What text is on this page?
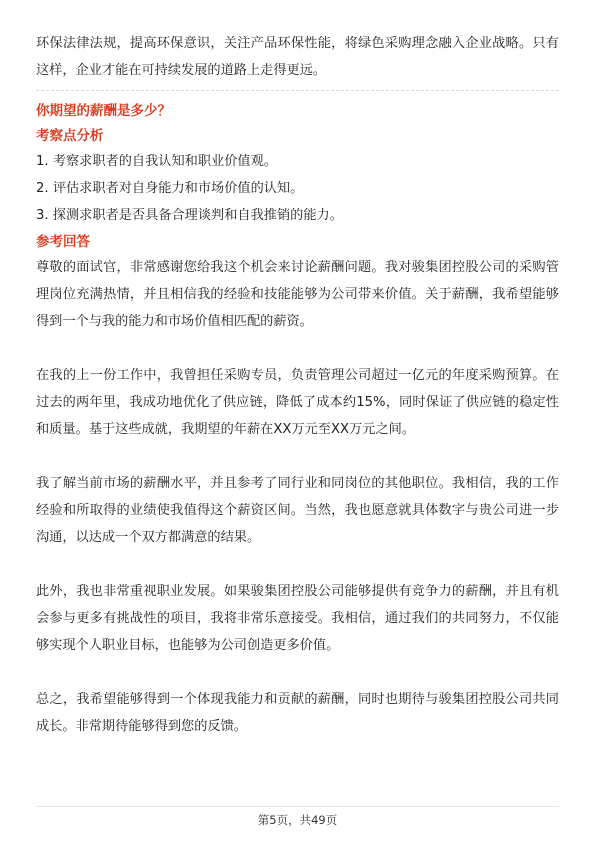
环保法律法规，提高环保意识，关注产品环保性能，将绿色采购理念融入企业战略。只有这样，企业才能在可持续发展的道路上走得更远。

你期望的薪酬是多少？

考察点分析

1. 考察求职者的自我认知和职业价值观。

2. 评估求职者对自身能力和市场价值的认知。

3. 探测求职者是否具备合理谈判和自我推销的能力。

参考回答

尊敬的面试官，非常感谢您给我这个机会来讨论薪酬问题。我对骏集团控股公司的采购管理岗位充满热情，并且相信我的经验和技能能够为公司带来价值。关于薪酬，我希望能够得到一个与我的能力和市场价值相匹配的薪资。

在我的上一份工作中，我曾担任采购专员，负责管理公司超过一亿元的年度采购预算。在过去的两年里，我成功地优化了供应链，降低了成本约15%，同时保证了供应链的稳定性和质量。基于这些成就，我期望的年薪在XX万元至XX万元之间。

我了解当前市场的薪酬水平，并且参考了同行业和同岗位的其他职位。我相信，我的工作经验和所取得的业绩使我值得这个薪资区间。当然，我也愿意就具体数字与贵公司进一步沟通，以达成一个双方都满意的结果。

此外，我也非常重视职业发展。如果骏集团控股公司能够提供有竞争力的薪酬，并且有机会参与更多有挑战性的项目，我将非常乐意接受。我相信，通过我们的共同努力，不仅能够实现个人职业目标，也能够为公司创造更多价值。

总之，我希望能够得到一个体现我能力和贡献的薪酬，同时也期待与骏集团控股公司共同成长。非常期待能够得到您的反馈。

第5页，共49页
